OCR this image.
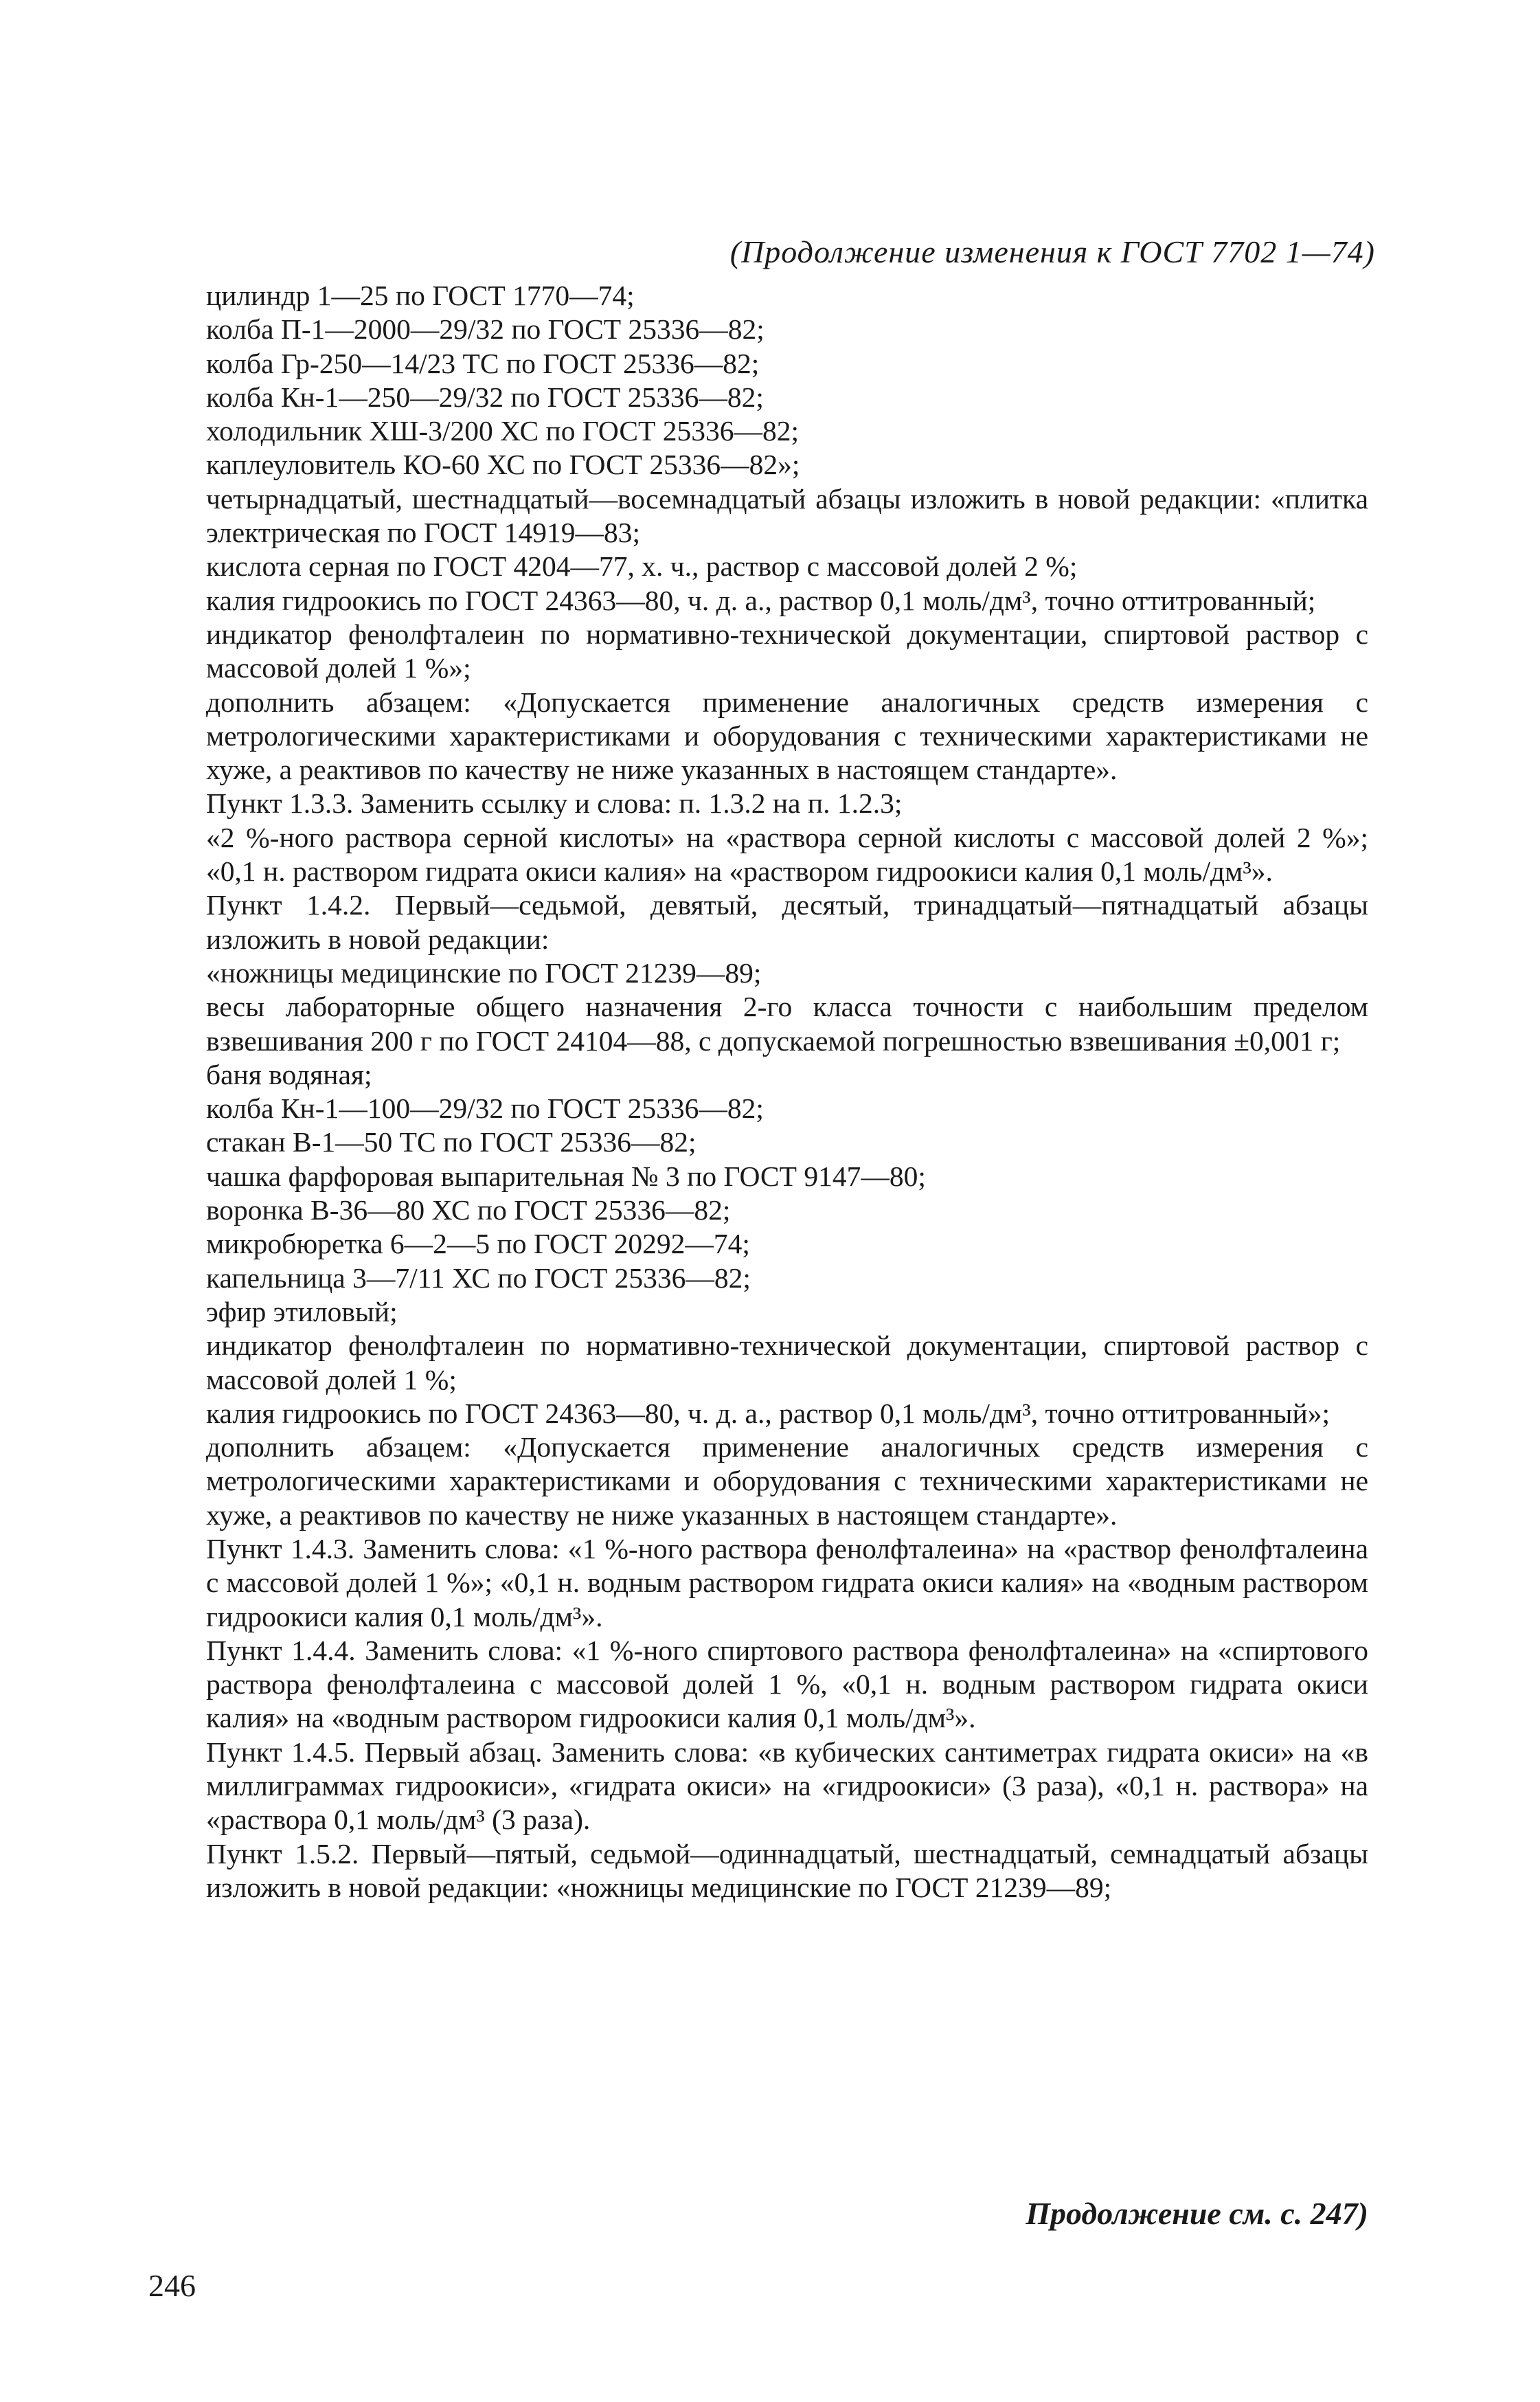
(Продолжение изменения к ГОСТ 7702 1—74)

цилиндр 1—25 по ГОСТ 1770—74;

колба П-1—2000—29/32 по ГОСТ 25336—82;

колба Гр-250—14/23 ТС по ГОСТ 25336—82;

колба Кн-1—250—29/32 по ГОСТ 25336—82;

холодильник ХШ-3/200 ХС по ГОСТ 25336—82;

каплеуловитель КО-60 ХС по ГОСТ 25336—82»;

четырнадцатый, шестнадцатый—восемнадцатый абзацы изложить в новой редакции: «плитка электрическая по ГОСТ 14919—83;

кислота серная по ГОСТ 4204—77, х. ч., раствор с массовой долей 2 %;

калия гидроокись по ГОСТ 24363—80, ч. д. а., раствор 0,1 моль/дм³, точно оттитрованный;

индикатор фенолфталеин по нормативно-технической документации, спиртовой раствор с массовой долей 1 %»;

дополнить абзацем: «Допускается применение аналогичных средств измерения с метрологическими характеристиками и оборудования с техническими характеристиками не хуже, а реактивов по качеству не ниже указанных в настоящем стандарте».

Пункт 1.3.3. Заменить ссылку и слова: п. 1.3.2 на п. 1.2.3;

«2 %-ного раствора серной кислоты» на «раствора серной кислоты с массовой долей 2 %»; «0,1 н. раствором гидрата окиси калия» на «раствором гидроокиси калия 0,1 моль/дм³».

Пункт 1.4.2. Первый—седьмой, девятый, десятый, тринадцатый—пятнадцатый абзацы изложить в новой редакции:

«ножницы медицинские по ГОСТ 21239—89;

весы лабораторные общего назначения 2-го класса точности с наибольшим пределом взвешивания 200 г по ГОСТ 24104—88, с допускаемой погрешностью взвешивания ±0,001 г;

баня водяная;

колба Кн-1—100—29/32 по ГОСТ 25336—82;

стакан В-1—50 ТС по ГОСТ 25336—82;

чашка фарфоровая выпарительная № 3 по ГОСТ 9147—80;

воронка В-36—80 ХС по ГОСТ 25336—82;

микробюретка 6—2—5 по ГОСТ 20292—74;

капельница 3—7/11 ХС по ГОСТ 25336—82;

эфир этиловый;

индикатор фенолфталеин по нормативно-технической документации, спиртовой раствор с массовой долей 1 %;

калия гидроокись по ГОСТ 24363—80, ч. д. а., раствор 0,1 моль/дм³, точно оттитрованный»;

дополнить абзацем: «Допускается применение аналогичных средств измерения с метрологическими характеристиками и оборудования с техническими характеристиками не хуже, а реактивов по качеству не ниже указанных в настоящем стандарте».

Пункт 1.4.3. Заменить слова: «1 %-ного раствора фенолфталеина» на «раствор фенолфталеина с массовой долей 1 %»; «0,1 н. водным раствором гидрата окиси калия» на «водным раствором гидроокиси калия 0,1 моль/дм³».

Пункт 1.4.4. Заменить слова: «1 %-ного спиртового раствора фенолфталеина» на «спиртового раствора фенолфталеина с массовой долей 1 %, «0,1 н. водным раствором гидрата окиси калия» на «водным раствором гидроокиси калия 0,1 моль/дм³».

Пункт 1.4.5. Первый абзац. Заменить слова: «в кубических сантиметрах гидрата окиси» на «в миллиграммах гидроокиси», «гидрата окиси» на «гидроокиси» (3 раза), «0,1 н. раствора» на «раствора 0,1 моль/дм³ (3 раза).

Пункт 1.5.2. Первый—пятый, седьмой—одиннадцатый, шестнадцатый, семнадцатый абзацы изложить в новой редакции: «ножницы медицинские по ГОСТ 21239—89;

Продолжение см. с. 247)
246
